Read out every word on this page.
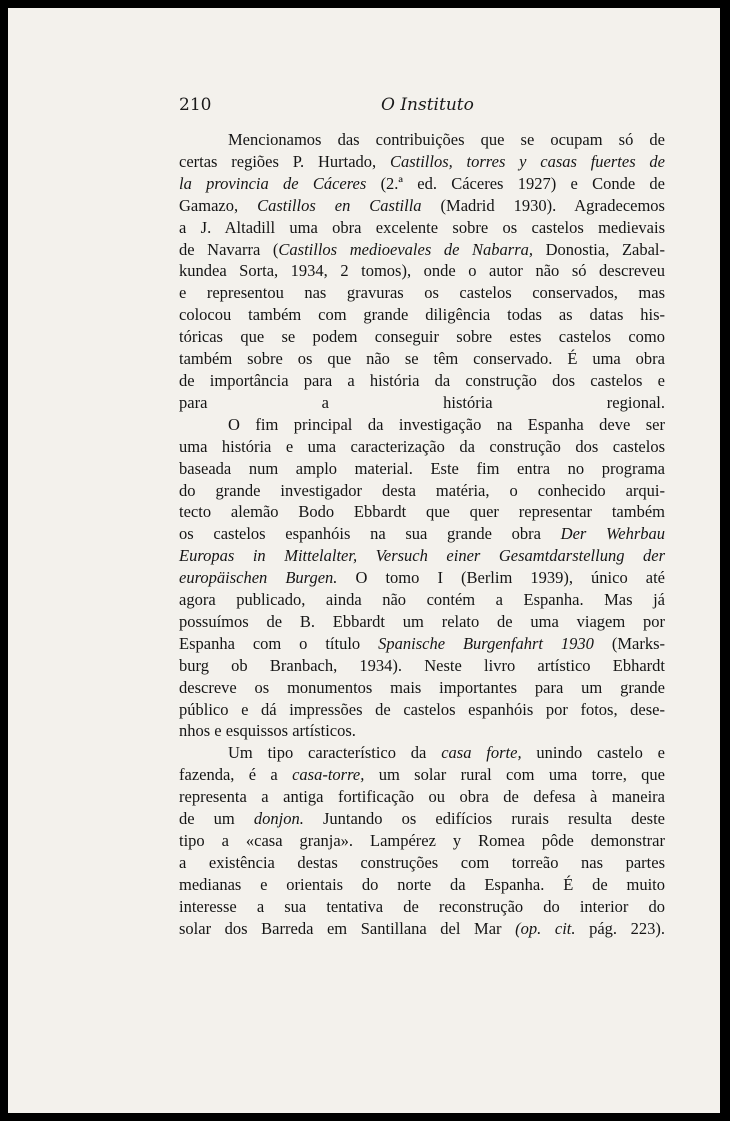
210	O Instituto
Mencionamos das contribuições que se ocupam só de
certas regiões P. Hurtado, Castillos, torres y casas fuertes de
la provincia de Cáceres (2.ª ed. Cáceres 1927) e Conde de
Gamazo, Castillos en Castilla (Madrid 1930). Agradecemos
a J. Altadill uma obra excelente sobre os castelos medievais
de Navarra (Castillos medioevales de Nabarra, Donostia, Zabal-
kundea Sorta, 1934, 2 tomos), onde o autor não só descreveu
e representou nas gravuras os castelos conservados, mas
colocou também com grande diligência todas as datas his-
tóricas que se podem conseguir sobre estes castelos como
também sobre os que não se têm conservado. É uma obra
de importância para a história da construção dos castelos e
para a história regional.
O fim principal da investigação na Espanha deve ser
uma história e uma caracterização da construção dos castelos
baseada num amplo material. Este fim entra no programa
do grande investigador desta matéria, o conhecido arqui-
tecto alemão Bodo Ebbardt que quer representar também
os castelos espanhóis na sua grande obra Der Wehrbau
Europas in Mittelalter, Versuch einer Gesamtdarstellung der
europäischen Burgen. O tomo I (Berlim 1939), único até
agora publicado, ainda não contém a Espanha. Mas já
possuímos de B. Ebbardt um relato de uma viagem por
Espanha com o título Spanische Burgenfahrt 1930 (Marks-
burg ob Branbach, 1934). Neste livro artístico Ebhardt
descreve os monumentos mais importantes para um grande
público e dá impressões de castelos espanhóis por fotos, dese-
nhos e esquissos artísticos.
Um tipo característico da casa forte, unindo castelo e
fazenda, é a casa-torre, um solar rural com uma torre, que
representa a antiga fortificação ou obra de defesa à maneira
de um donjon. Juntando os edifícios rurais resulta deste
tipo a «casa granja». Lampérez y Romea pôde demonstrar
a existência destas construções com torreão nas partes
medianas e orientais do norte da Espanha. É de muito
interesse a sua tentativa de reconstrução do interior do
solar dos Barreda em Santillana del Mar (op. cit. pág. 223).
